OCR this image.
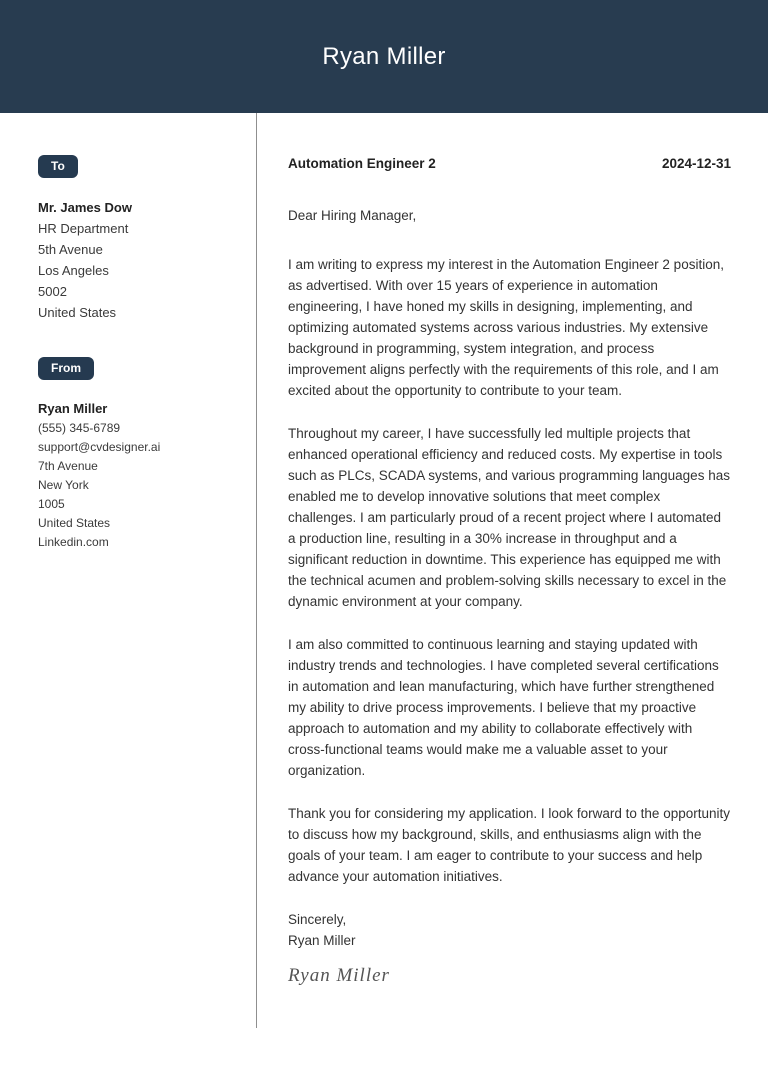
Ryan Miller
To
Mr. James Dow
HR Department
5th Avenue
Los Angeles
5002
United States
From
Ryan Miller
(555) 345-6789
support@cvdesigner.ai
7th Avenue
New York
1005
United States
Linkedin.com
Automation Engineer 2	2024-12-31
Dear Hiring Manager,

I am writing to express my interest in the Automation Engineer 2 position, as advertised. With over 15 years of experience in automation engineering, I have honed my skills in designing, implementing, and optimizing automated systems across various industries. My extensive background in programming, system integration, and process improvement aligns perfectly with the requirements of this role, and I am excited about the opportunity to contribute to your team.

Throughout my career, I have successfully led multiple projects that enhanced operational efficiency and reduced costs. My expertise in tools such as PLCs, SCADA systems, and various programming languages has enabled me to develop innovative solutions that meet complex challenges. I am particularly proud of a recent project where I automated a production line, resulting in a 30% increase in throughput and a significant reduction in downtime. This experience has equipped me with the technical acumen and problem-solving skills necessary to excel in the dynamic environment at your company.

I am also committed to continuous learning and staying updated with industry trends and technologies. I have completed several certifications in automation and lean manufacturing, which have further strengthened my ability to drive process improvements. I believe that my proactive approach to automation and my ability to collaborate effectively with cross-functional teams would make me a valuable asset to your organization.

Thank you for considering my application. I look forward to the opportunity to discuss how my background, skills, and enthusiasms align with the goals of your team. I am eager to contribute to your success and help advance your automation initiatives.

Sincerely,
Ryan Miller
Ryan Miller
